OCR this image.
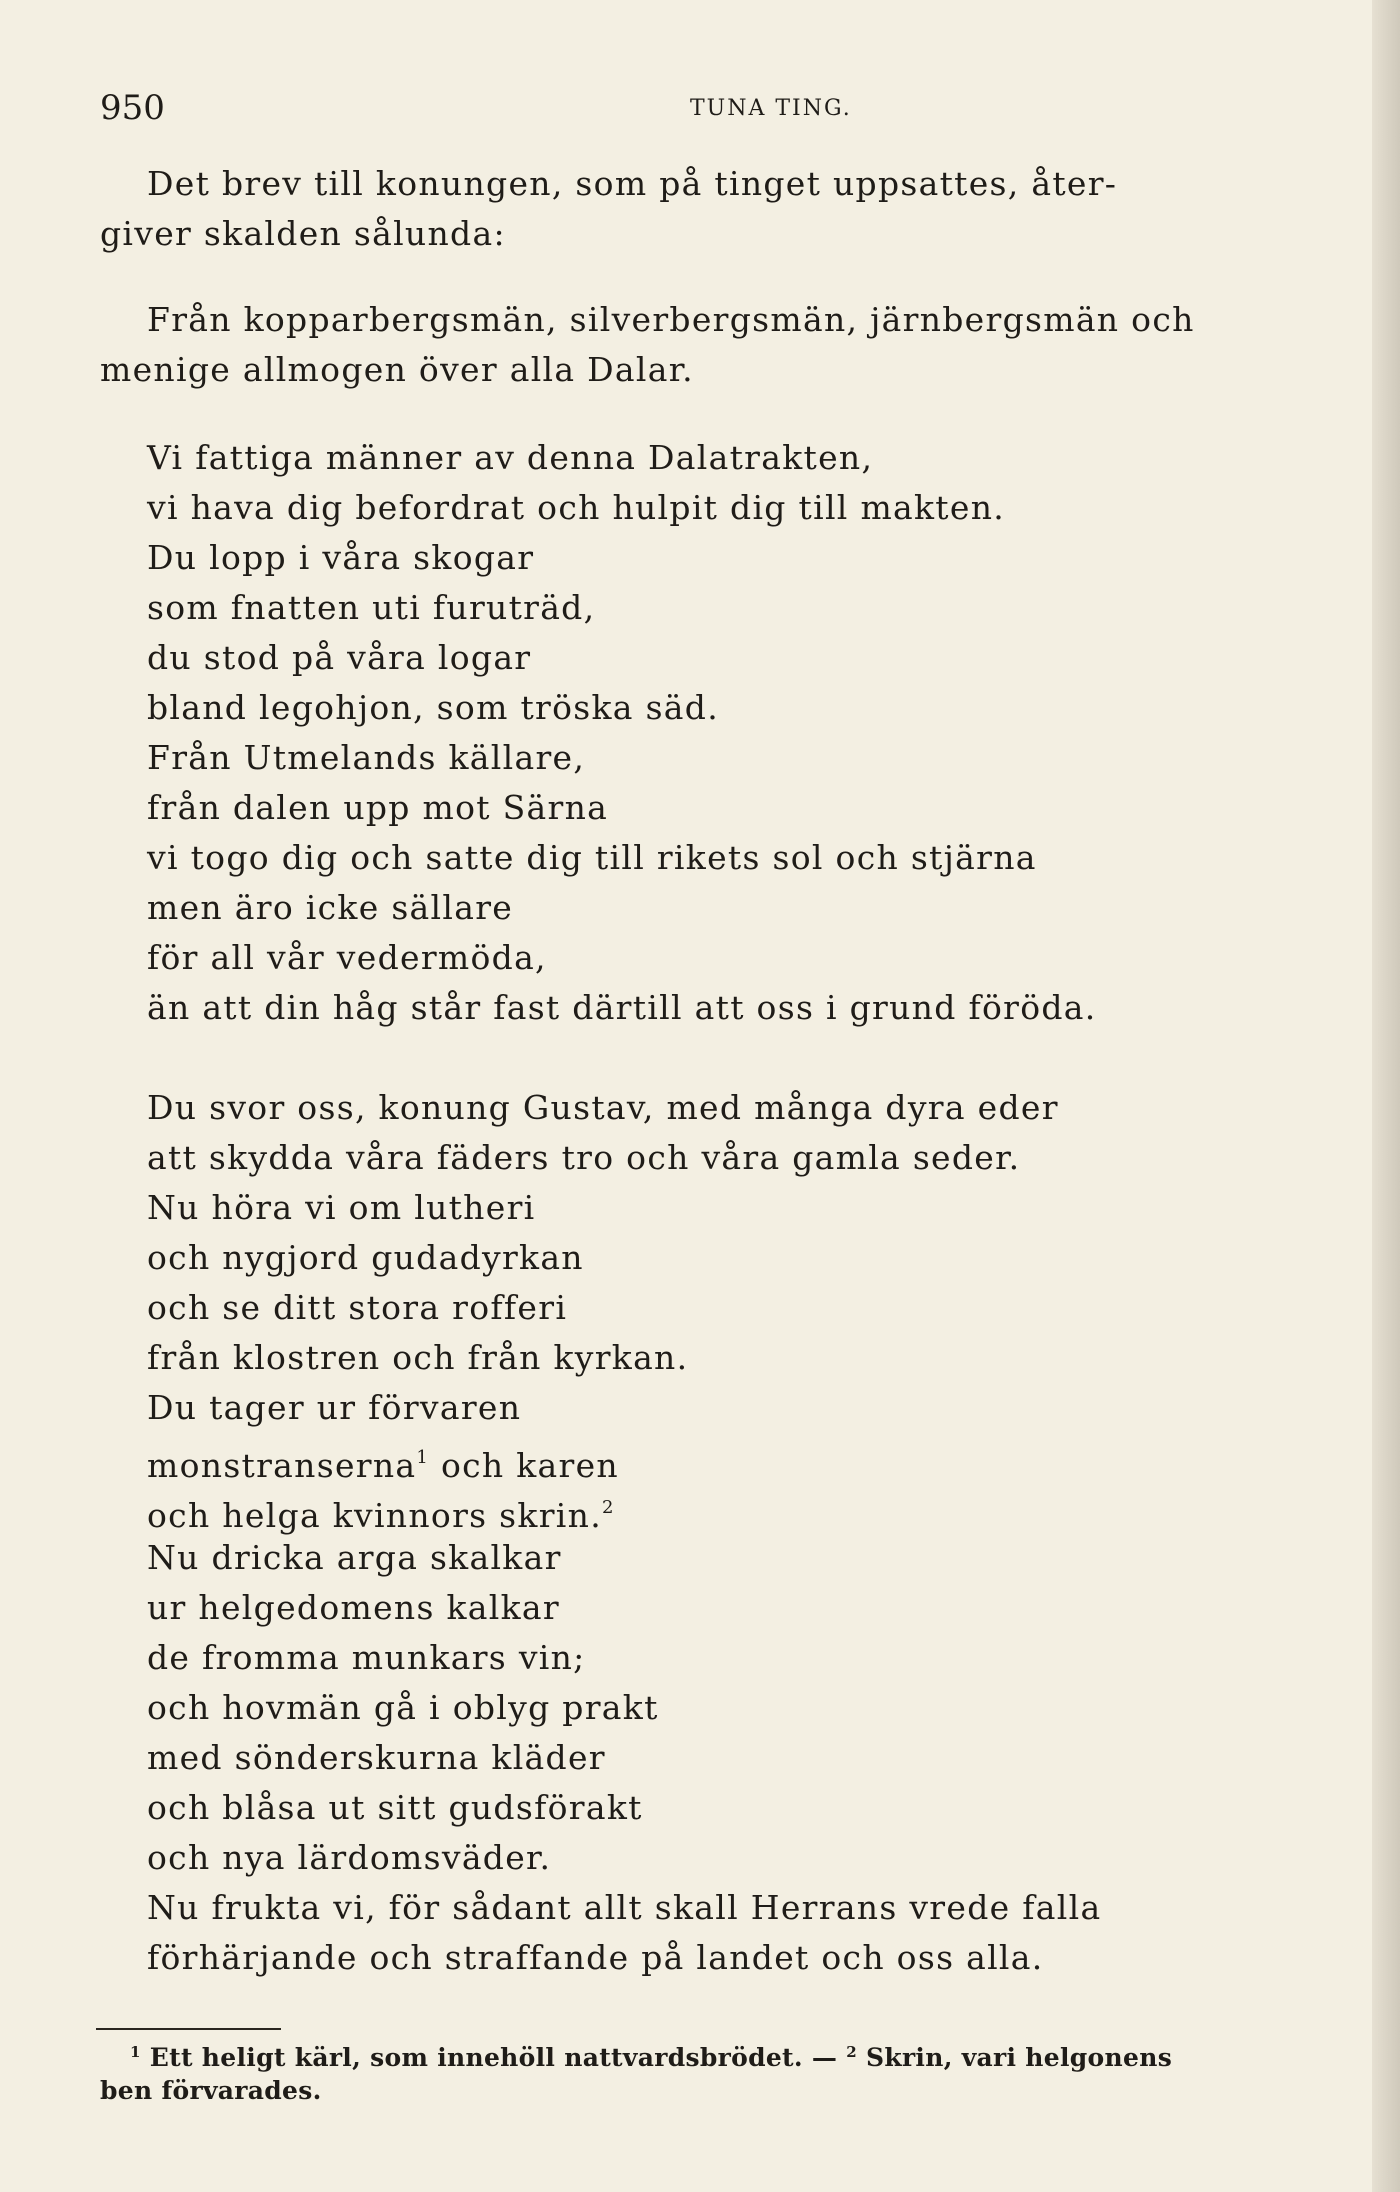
950	TUNA TING.
Det brev till konungen, som på tinget uppsattes, åter-
giver skalden sålunda:
Från kopparbergsmän, silverbergsmän, järnbergsmän och
menige allmogen över alla Dalar.
Vi fattiga männer av denna Dalatrakten,
vi hava dig befordrat och hulpit dig till makten.
Du lopp i våra skogar
som fnatten uti furuträd,
du stod på våra logar
bland legohjon, som tröska säd.
Från Utmelands källare,
från dalen upp mot Särna
vi togo dig och satte dig till rikets sol och stjärna
men äro icke sällare
för all vår vedermöda,
än att din håg står fast därtill att oss i grund föröda.
Du svor oss, konung Gustav, med många dyra eder
att skydda våra fäders tro och våra gamla seder.
Nu höra vi om lutheri
och nygjord gudadyrkan
och se ditt stora rofferi
från klostren och från kyrkan.
Du tager ur förvaren
monstranserna$^1$ och karen
och helga kvinnors skrin.$^2$
Nu dricka arga skalkar
ur helgedomens kalkar
de fromma munkars vin;
och hovmän gå i oblyg prakt
med sönderskurna kläder
och blåsa ut sitt gudsförakt
och nya lärdomsväder.
Nu frukta vi, för sådant allt skall Herrans vrede falla
förhärjande och straffande på landet och oss alla.
$^1$ Ett heligt kärl, som innehöll nattvardsbrödet. — $^2$ Skrin, vari helgonens
ben förvarades.
